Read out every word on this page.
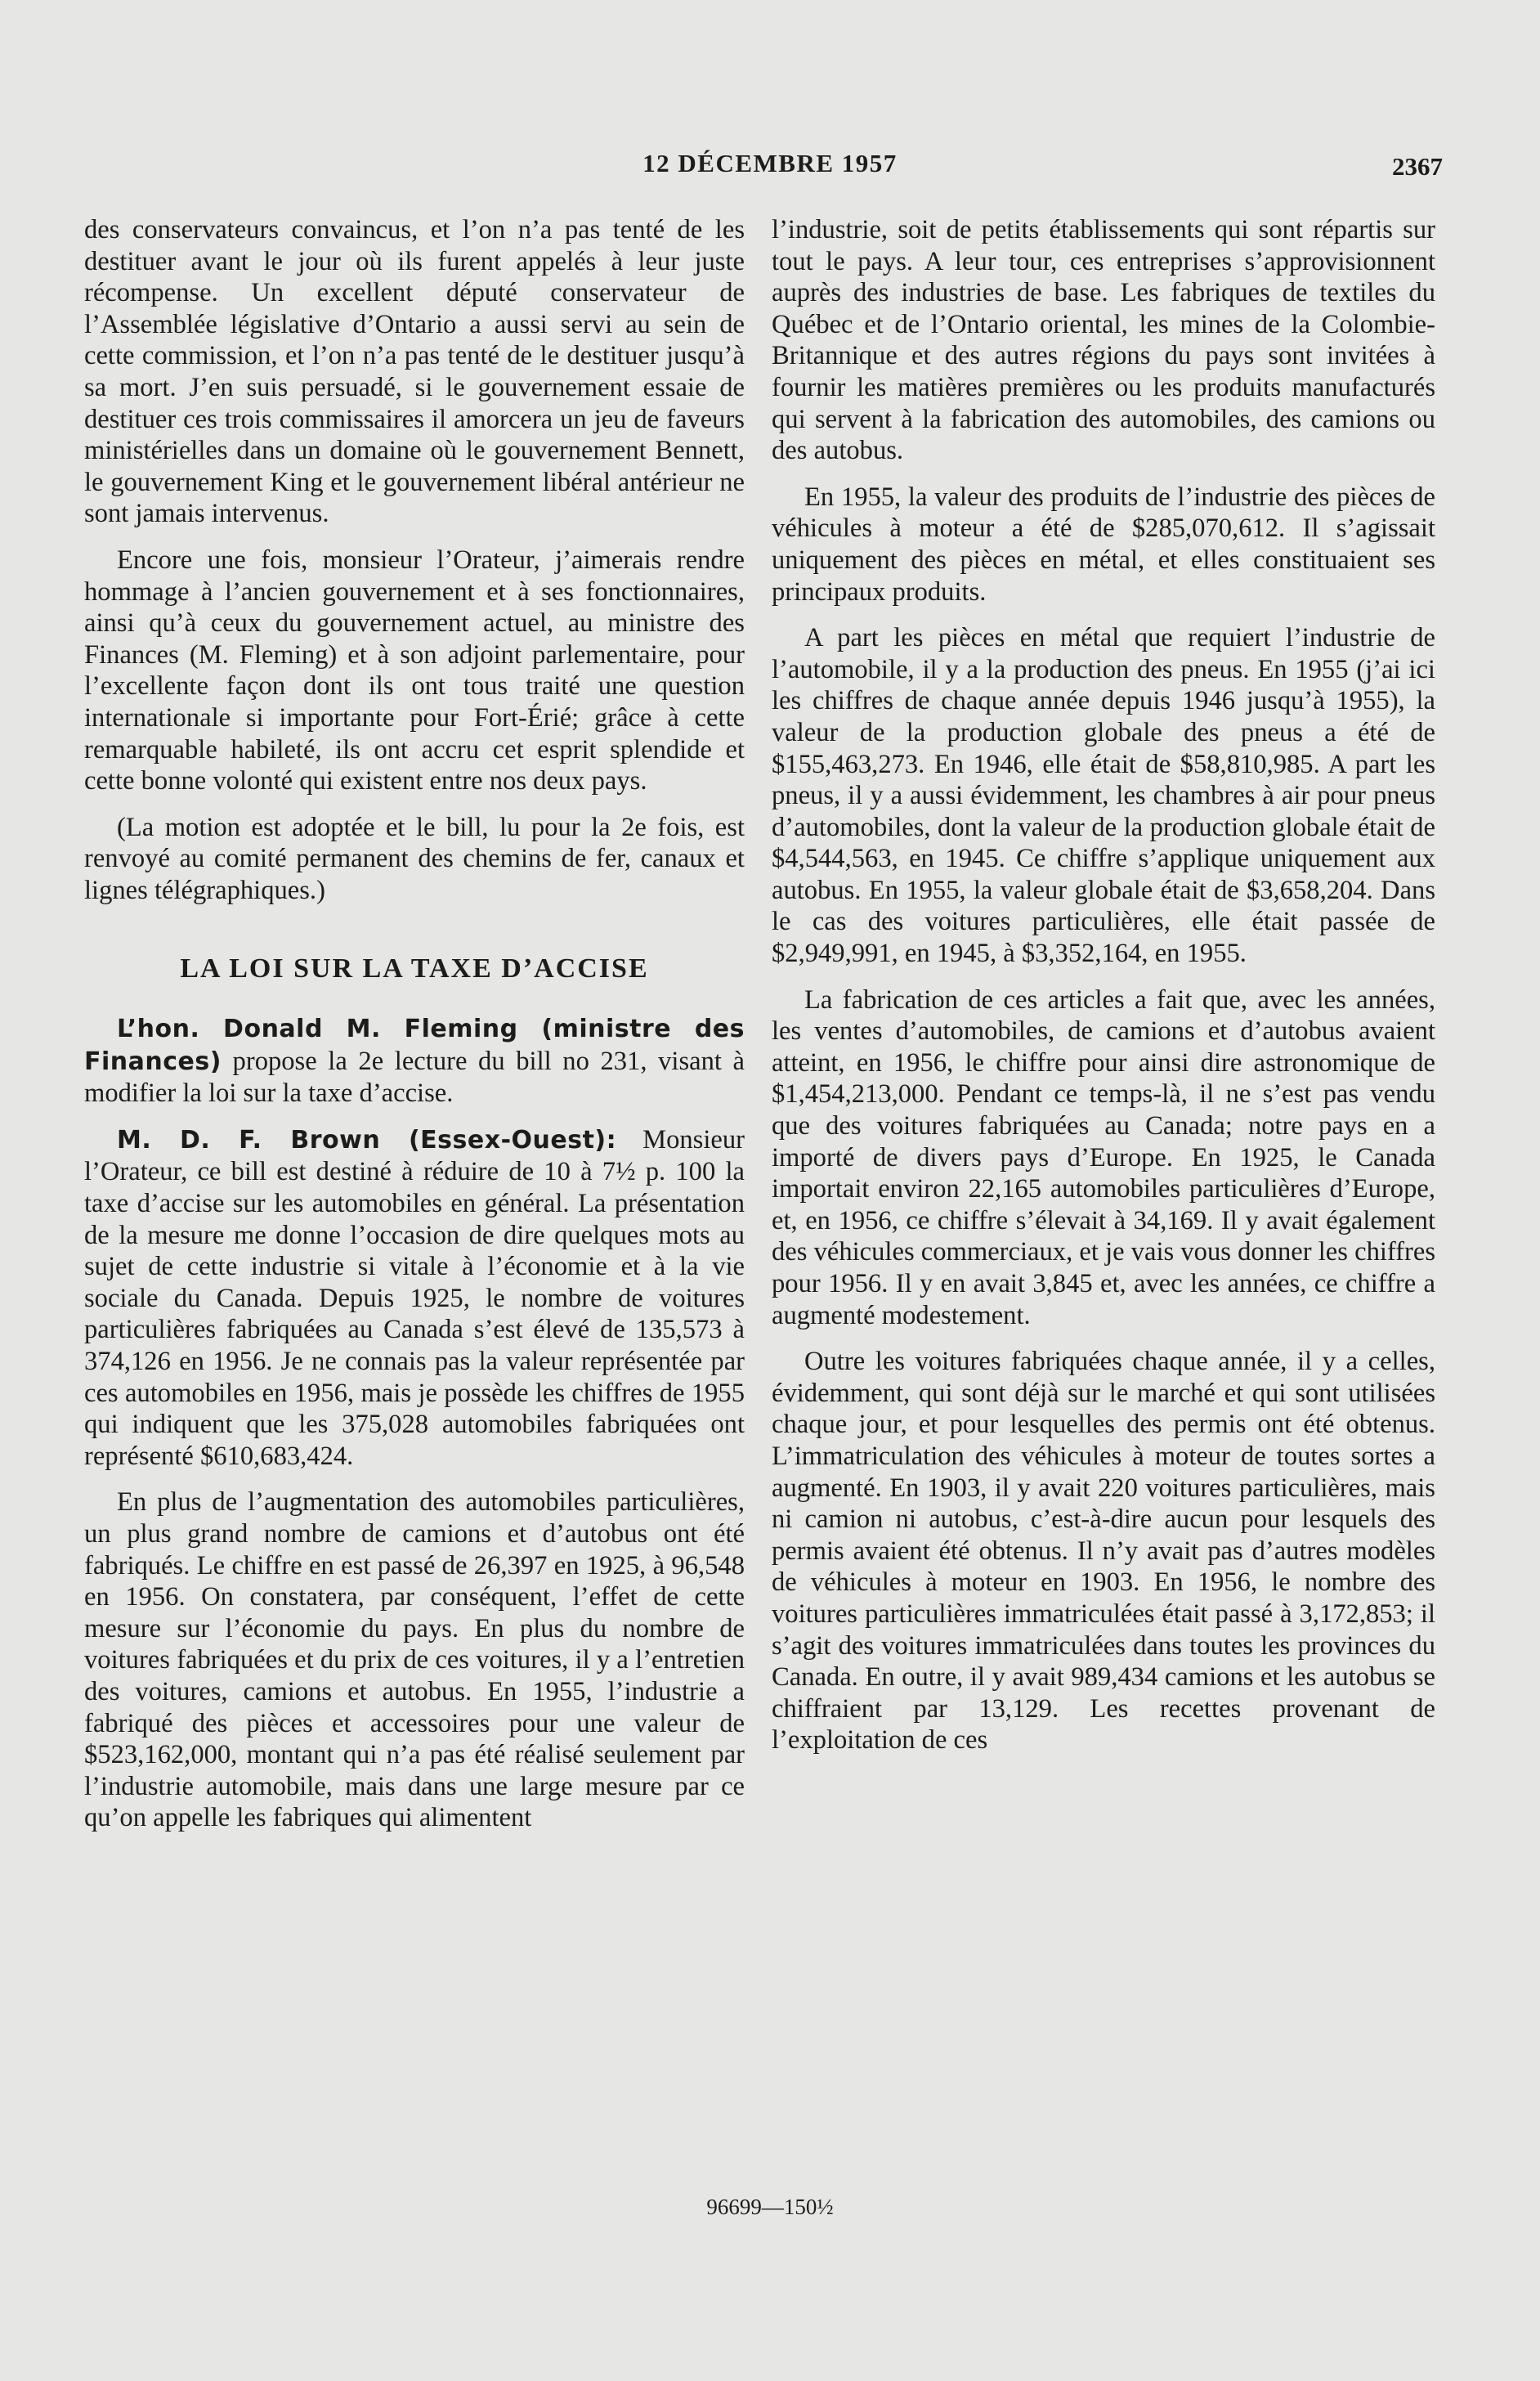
12 DÉCEMBRE 1957	2367

des conservateurs convaincus, et l’on n’a pas tenté de les destituer avant le jour où ils furent appelés à leur juste récompense. Un excellent député conservateur de l’Assemblée législative d’Ontario a aussi servi au sein de cette commission, et l’on n’a pas tenté de le destituer jusqu’à sa mort. J’en suis persuadé, si le gouvernement essaie de destituer ces trois commissaires il amorcera un jeu de faveurs ministérielles dans un domaine où le gouvernement Bennett, le gouvernement King et le gouvernement libéral antérieur ne sont jamais intervenus.

Encore une fois, monsieur l’Orateur, j’aimerais rendre hommage à l’ancien gouvernement et à ses fonctionnaires, ainsi qu’à ceux du gouvernement actuel, au ministre des Finances (M. Fleming) et à son adjoint parlementaire, pour l’excellente façon dont ils ont tous traité une question internationale si importante pour Fort-Érié; grâce à cette remarquable habileté, ils ont accru cet esprit splendide et cette bonne volonté qui existent entre nos deux pays.

(La motion est adoptée et le bill, lu pour la 2e fois, est renvoyé au comité permanent des chemins de fer, canaux et lignes télégraphiques.)

LA LOI SUR LA TAXE D’ACCISE

L’hon. Donald M. Fleming (ministre des Finances) propose la 2e lecture du bill no 231, visant à modifier la loi sur la taxe d’accise.

M. D. F. Brown (Essex-Ouest): Monsieur l’Orateur, ce bill est destiné à réduire de 10 à 7½ p. 100 la taxe d’accise sur les automobiles en général. La présentation de la mesure me donne l’occasion de dire quelques mots au sujet de cette industrie si vitale à l’économie et à la vie sociale du Canada. Depuis 1925, le nombre de voitures particulières fabriquées au Canada s’est élevé de 135,573 à 374,126 en 1956. Je ne connais pas la valeur représentée par ces automobiles en 1956, mais je possède les chiffres de 1955 qui indiquent que les 375,028 automobiles fabriquées ont représenté $610,683,424.

En plus de l’augmentation des automobiles particulières, un plus grand nombre de camions et d’autobus ont été fabriqués. Le chiffre en est passé de 26,397 en 1925, à 96,548 en 1956. On constatera, par conséquent, l’effet de cette mesure sur l’économie du pays. En plus du nombre de voitures fabriquées et du prix de ces voitures, il y a l’entretien des voitures, camions et autobus. En 1955, l’industrie a fabriqué des pièces et accessoires pour une valeur de $523,162,000, montant qui n’a pas été réalisé seulement par l’industrie automobile, mais dans une large mesure par ce qu’on appelle les fabriques qui alimentent

l’industrie, soit de petits établissements qui sont répartis sur tout le pays. A leur tour, ces entreprises s’approvisionnent auprès des industries de base. Les fabriques de textiles du Québec et de l’Ontario oriental, les mines de la Colombie-Britannique et des autres régions du pays sont invitées à fournir les matières premières ou les produits manufacturés qui servent à la fabrication des automobiles, des camions ou des autobus.

En 1955, la valeur des produits de l’industrie des pièces de véhicules à moteur a été de $285,070,612. Il s’agissait uniquement des pièces en métal, et elles constituaient ses principaux produits.

A part les pièces en métal que requiert l’industrie de l’automobile, il y a la production des pneus. En 1955 (j’ai ici les chiffres de chaque année depuis 1946 jusqu’à 1955), la valeur de la production globale des pneus a été de $155,463,273. En 1946, elle était de $58,810,985. A part les pneus, il y a aussi évidemment, les chambres à air pour pneus d’automobiles, dont la valeur de la production globale était de $4,544,563, en 1945. Ce chiffre s’applique uniquement aux autobus. En 1955, la valeur globale était de $3,658,204. Dans le cas des voitures particulières, elle était passée de $2,949,991, en 1945, à $3,352,164, en 1955.

La fabrication de ces articles a fait que, avec les années, les ventes d’automobiles, de camions et d’autobus avaient atteint, en 1956, le chiffre pour ainsi dire astronomique de $1,454,213,000. Pendant ce temps-là, il ne s’est pas vendu que des voitures fabriquées au Canada; notre pays en a importé de divers pays d’Europe. En 1925, le Canada importait environ 22,165 automobiles particulières d’Europe, et, en 1956, ce chiffre s’élevait à 34,169. Il y avait également des véhicules commerciaux, et je vais vous donner les chiffres pour 1956. Il y en avait 3,845 et, avec les années, ce chiffre a augmenté modestement.

Outre les voitures fabriquées chaque année, il y a celles, évidemment, qui sont déjà sur le marché et qui sont utilisées chaque jour, et pour lesquelles des permis ont été obtenus. L’immatriculation des véhicules à moteur de toutes sortes a augmenté. En 1903, il y avait 220 voitures particulières, mais ni camion ni autobus, c’est-à-dire aucun pour lesquels des permis avaient été obtenus. Il n’y avait pas d’autres modèles de véhicules à moteur en 1903. En 1956, le nombre des voitures particulières immatriculées était passé à 3,172,853; il s’agit des voitures immatriculées dans toutes les provinces du Canada. En outre, il y avait 989,434 camions et les autobus se chiffraient par 13,129. Les recettes provenant de l’exploitation de ces

96699—150½
